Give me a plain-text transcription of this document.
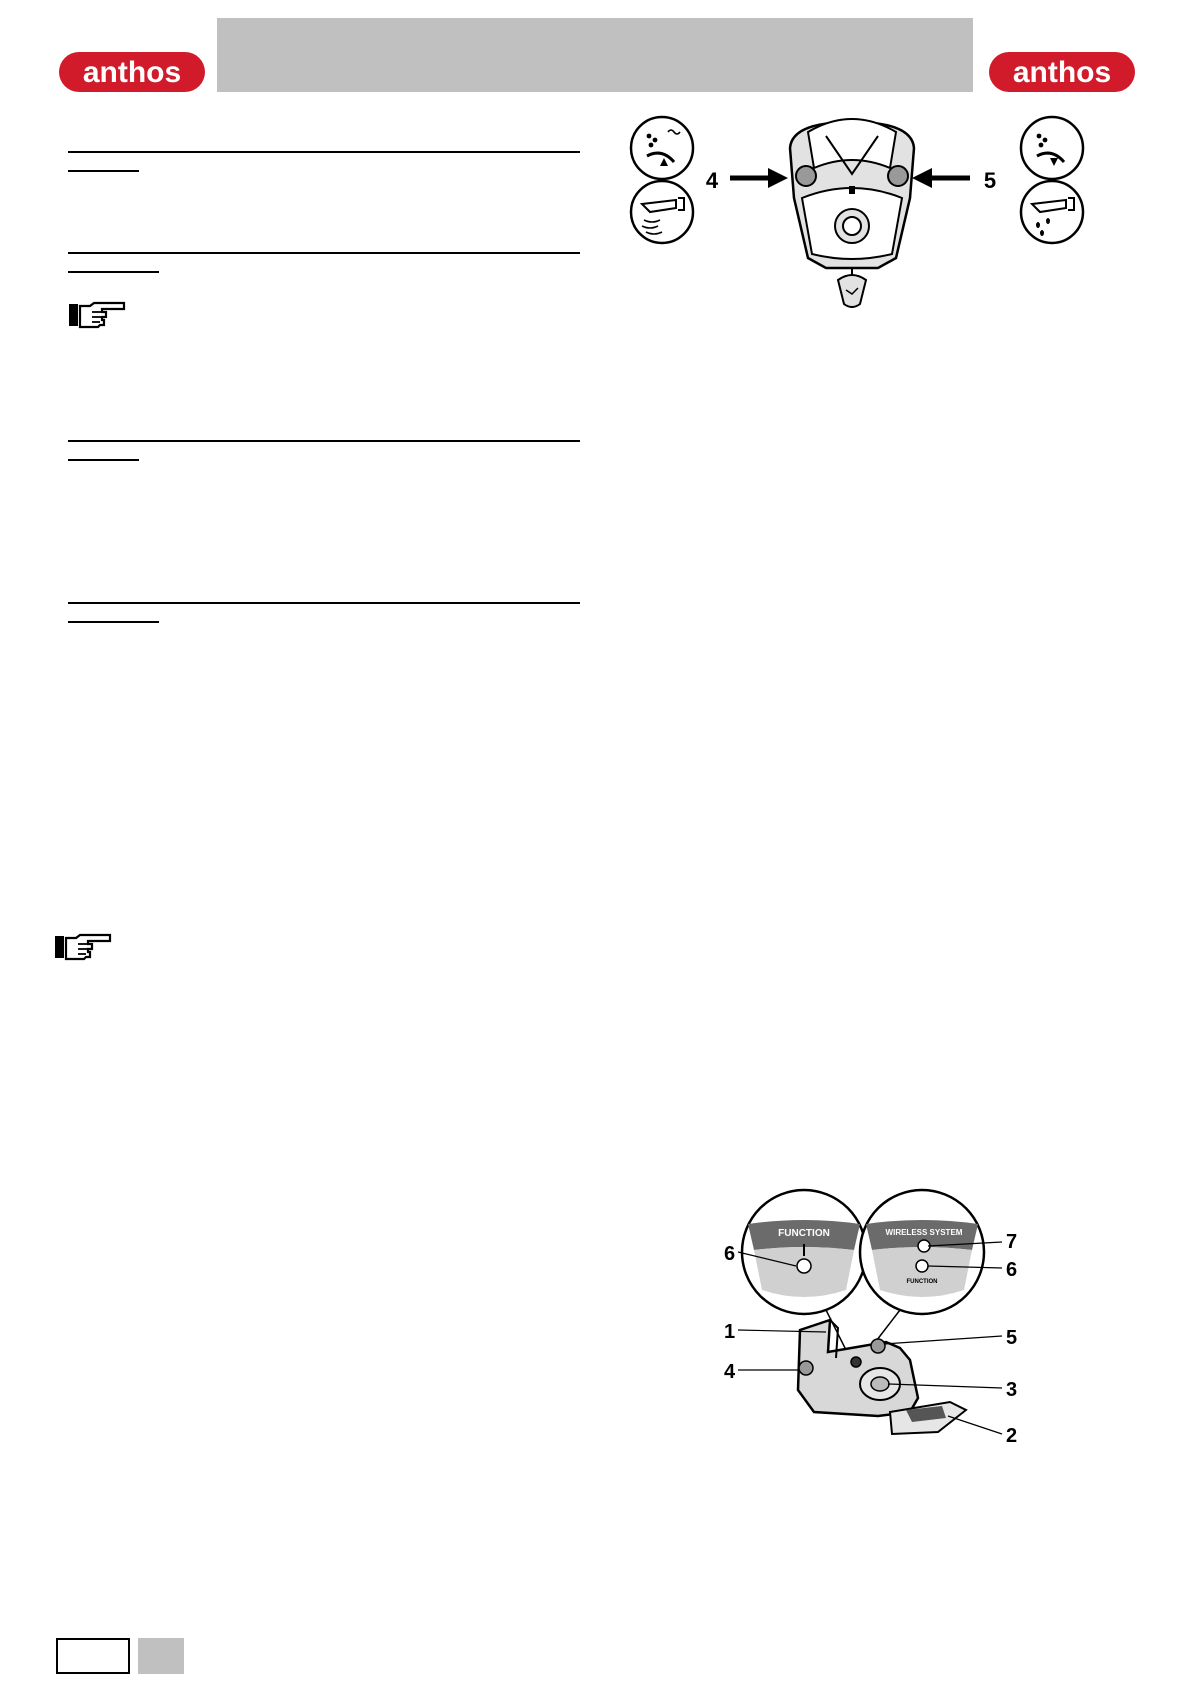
anthos	anthos
4	5
FUNCTION	WIRELESS SYSTEM
FUNCTION
6
7
6
1	5
4
3
2
